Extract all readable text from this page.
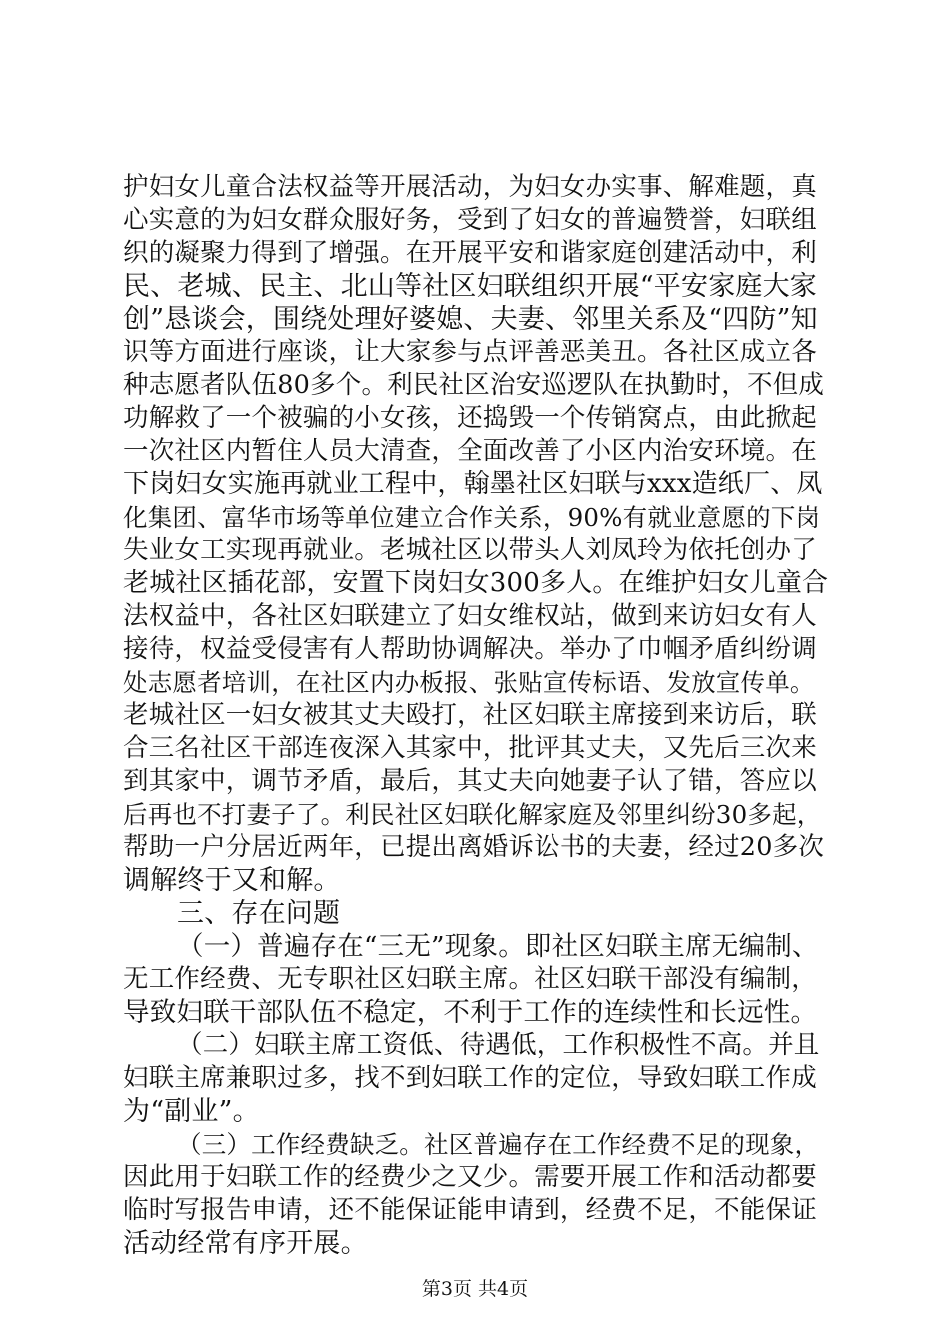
护妇女儿童合法权益等开展活动，为妇女办实事、解难题，真
心实意的为妇女群众服好务，受到了妇女的普遍赞誉，妇联组
织的凝聚力得到了增强。在开展平安和谐家庭创建活动中，利
民、老城、民主、北山等社区妇联组织开展“平安家庭大家
创”恳谈会，围绕处理好婆媳、夫妻、邻里关系及“四防”知
识等方面进行座谈，让大家参与点评善恶美丑。各社区成立各
种志愿者队伍80多个。利民社区治安巡逻队在执勤时，不但成
功解救了一个被骗的小女孩，还捣毁一个传销窝点，由此掀起
一次社区内暂住人员大清查，全面改善了小区内治安环境。在
下岗妇女实施再就业工程中，翰墨社区妇联与xxx造纸厂、凤
化集团、富华市场等单位建立合作关系，90%有就业意愿的下岗
失业女工实现再就业。老城社区以带头人刘凤玲为依托创办了
老城社区插花部，安置下岗妇女300多人。在维护妇女儿童合
法权益中，各社区妇联建立了妇女维权站，做到来访妇女有人
接待，权益受侵害有人帮助协调解决。举办了巾帼矛盾纠纷调
处志愿者培训，在社区内办板报、张贴宣传标语、发放宣传单。
老城社区一妇女被其丈夫殴打，社区妇联主席接到来访后，联
合三名社区干部连夜深入其家中，批评其丈夫，又先后三次来
到其家中，调节矛盾，最后，其丈夫向她妻子认了错，答应以
后再也不打妻子了。利民社区妇联化解家庭及邻里纠纷30多起，
帮助一户分居近两年，已提出离婚诉讼书的夫妻，经过20多次
调解终于又和解。
三、存在问题
（一）普遍存在“三无”现象。即社区妇联主席无编制、
无工作经费、无专职社区妇联主席。社区妇联干部没有编制，
导致妇联干部队伍不稳定，不利于工作的连续性和长远性。
（二）妇联主席工资低、待遇低，工作积极性不高。并且
妇联主席兼职过多，找不到妇联工作的定位，导致妇联工作成
为“副业”。
（三）工作经费缺乏。社区普遍存在工作经费不足的现象，
因此用于妇联工作的经费少之又少。需要开展工作和活动都要
临时写报告申请，还不能保证能申请到，经费不足，不能保证
活动经常有序开展。
第3页 共4页
